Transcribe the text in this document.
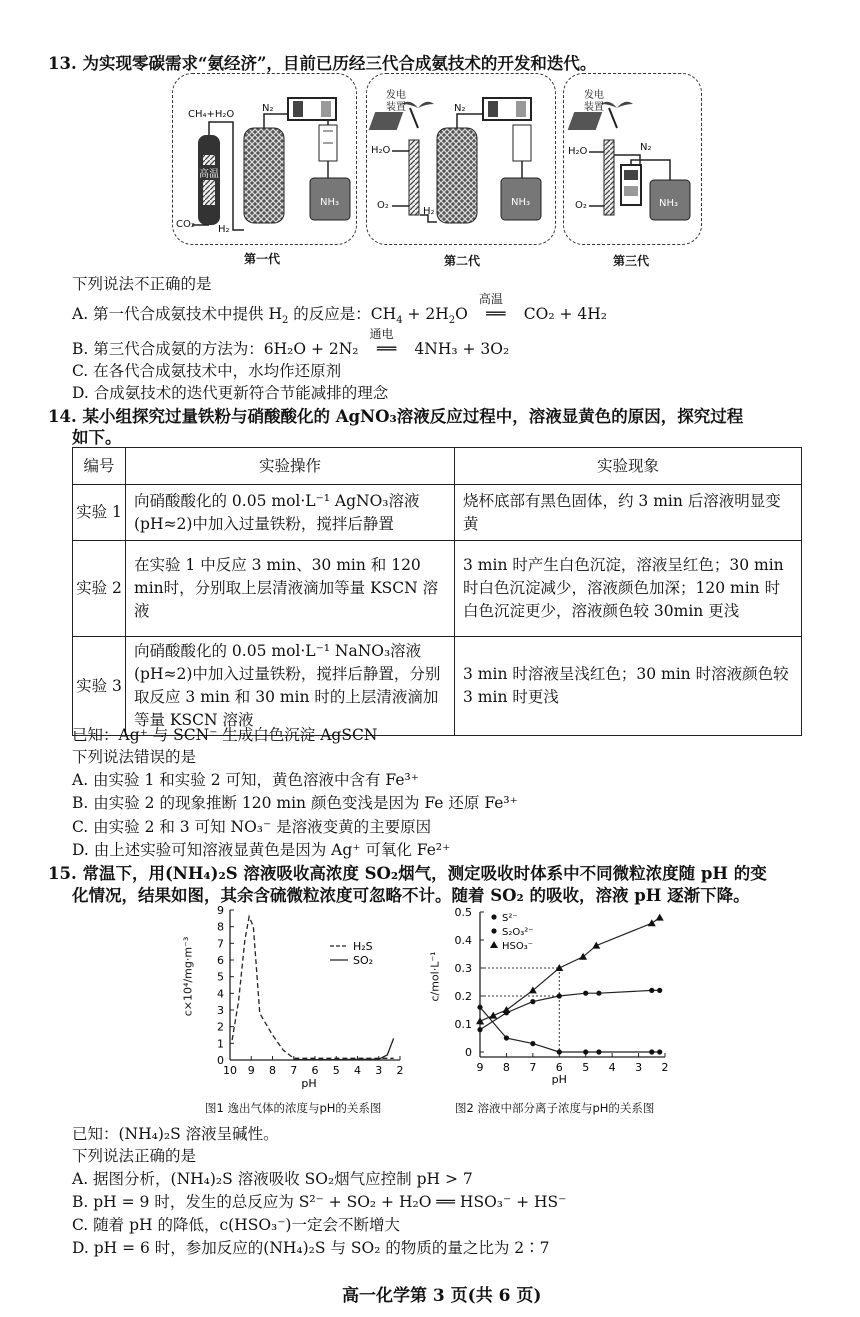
13. 为实现零碳需求“氨经济”，目前已历经三代合成氨技术的开发和迭代。
CH₄+H₂O
高温
N₂
CO₂ H₂
NH₃
发电
装置
H₂O
O₂
N₂
H₂
NH₃
发电
装置
H₂O
O₂
N₂
NH₃
第一代	第二代	第三代
下列说法不正确的是
A. 第一代合成氨技术中提供 $H_2$ 的反应是：$CH_4 + 2H_2O$
高温
══ CO₂ + 4H₂
B. 第三代合成氨的方法为：6H₂O + 2N₂
通电
══ 4NH₃ + 3O₂
C. 在各代合成氨技术中，水均作还原剂
D. 合成氨技术的迭代更新符合节能减排的理念
14. 某小组探究过量铁粉与硝酸酸化的 AgNO₃溶液反应过程中，溶液显黄色的原因，探究过程
如下。
编号	实验操作	实验现象
实验 1	向硝酸酸化的 0.05 mol·L⁻¹ AgNO₃溶液(pH≈2)中加入过量铁粉，搅拌后静置	烧杯底部有黑色固体，约 3 min 后溶液明显变黄
实验 2	在实验 1 中反应 3 min、30 min 和 120 min时，分别取上层清液滴加等量 KSCN 溶液	3 min 时产生白色沉淀，溶液呈红色；30 min 时白色沉淀减少，溶液颜色加深；120 min 时白色沉淀更少，溶液颜色较 30min 更浅
实验 3	向硝酸酸化的 0.05 mol·L⁻¹ NaNO₃溶液(pH≈2)中加入过量铁粉，搅拌后静置，分别取反应 3 min 和 30 min 时的上层清液滴加等量 KSCN 溶液	3 min 时溶液呈浅红色；30 min 时溶液颜色较 3 min 时更浅
已知：Ag⁺ 与 SCN⁻ 生成白色沉淀 AgSCN
下列说法错误的是
A. 由实验 1 和实验 2 可知，黄色溶液中含有 Fe³⁺
B. 由实验 2 的现象推断 120 min 颜色变浅是因为 Fe 还原 Fe³⁺
C. 由实验 2 和 3 可知 NO₃⁻ 是溶液变黄的主要原因
D. 由上述实验可知溶液显黄色是因为 Ag⁺ 可氧化 Fe²⁺
15. 常温下，用(NH₄)₂S 溶液吸收高浓度 SO₂烟气，测定吸收时体系中不同微粒浓度随 pH 的变
化情况，结果如图，其余含硫微粒浓度可忽略不计。随着 SO₂ 的吸收，溶液 pH 逐渐下降。
0
1
2
3
4
5
6
7
8
9
10 9 8 7 6 5 4 3 2
pH
H₂S
SO₂
c×10⁴/mg·m⁻³
图1 逸出气体的浓度与pH的关系图
0
0.1
0.2
0.3
0.4
0.5
9 8 7 6 5 4 3 2
pH
S²⁻
S₂O₃²⁻
HSO₃⁻
c/mol·L⁻¹
图2 溶液中部分离子浓度与pH的关系图
已知：(NH₄)₂S 溶液呈碱性。
下列说法正确的是
A. 据图分析，(NH₄)₂S 溶液吸收 SO₂烟气应控制 pH > 7
B. pH = 9 时，发生的总反应为 S²⁻ + SO₂ + H₂O ══ HSO₃⁻ + HS⁻
C. 随着 pH 的降低，c(HSO₃⁻)一定会不断增大
D. pH = 6 时，参加反应的(NH₄)₂S 与 SO₂ 的物质的量之比为 2∶7
高一化学第 3 页(共 6 页)
